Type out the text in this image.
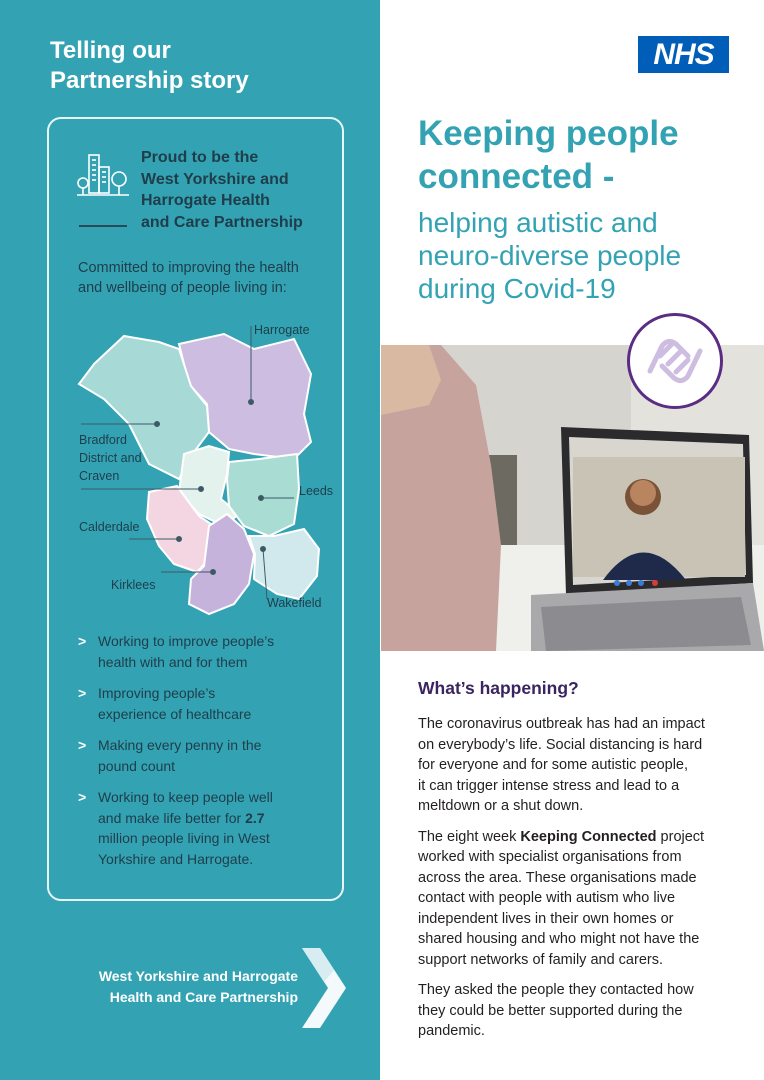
Telling our
Partnership story
Proud to be the
West Yorkshire and
Harrogate Health
and Care Partnership
Committed to improving the health
and wellbeing of people living in:
Harrogate
Bradford
District and
Craven
Leeds
Calderdale
Kirklees
Wakefield
> Working to improve people’s
health with and for them
> Improving people’s
experience of healthcare
> Making every penny in the
pound count
> Working to keep people well
and make life better for 2.7
million people living in West
Yorkshire and Harrogate.
West Yorkshire and Harrogate
Health and Care Partnership
NHS
Keeping people
connected -
helping autistic and
neuro-diverse people
during Covid-19
What’s happening?

The coronavirus outbreak has had an impact
on everybody’s life. Social distancing is hard
for everyone and for some autistic people,
it can trigger intense stress and lead to a
meltdown or a shut down.

The eight week Keeping Connected project
worked with specialist organisations from
across the area. These organisations made
contact with people with autism who live
independent lives in their own homes or
shared housing and who might not have the
support networks of family and carers.

They asked the people they contacted how
they could be better supported during the
pandemic.
